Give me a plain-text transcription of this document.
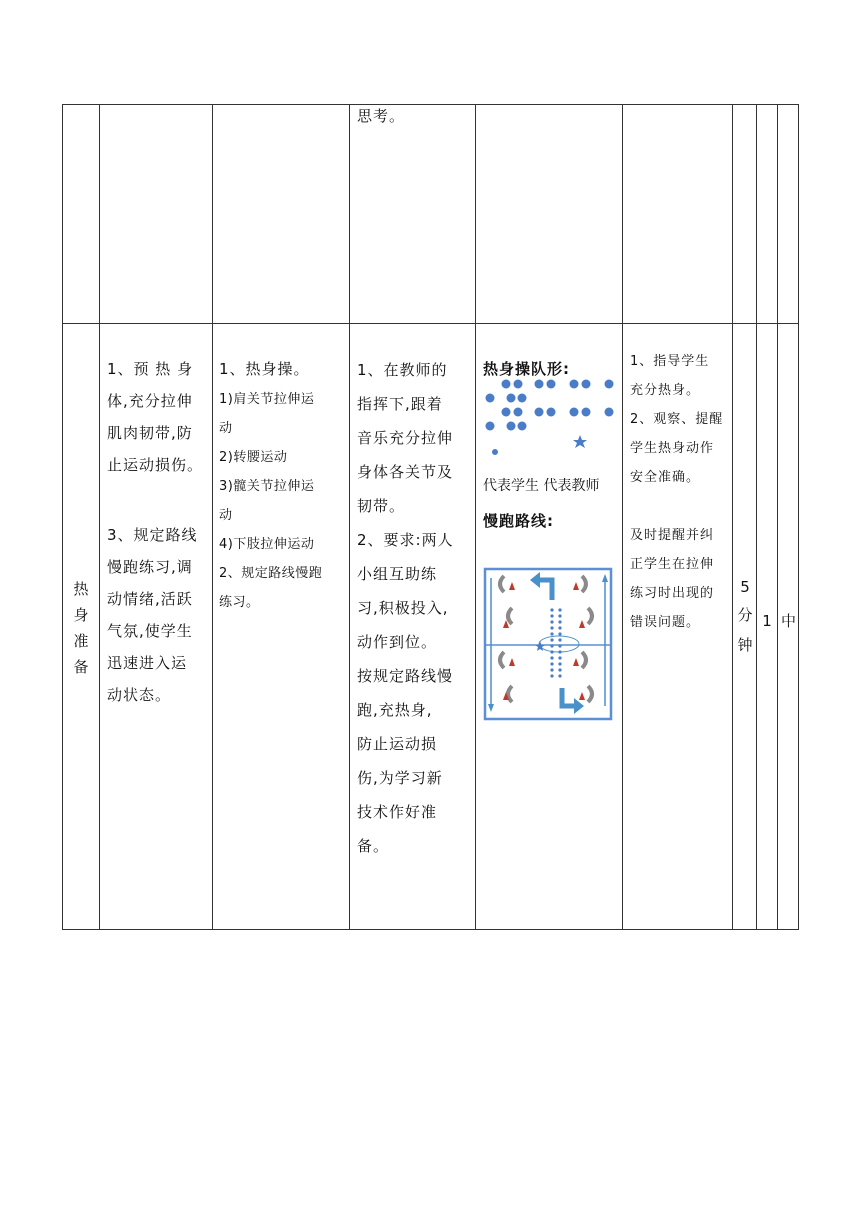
思考。

热
身
准
备

1、预 热 身

体,充分拉伸

肌肉韧带,防

止运动损伤。

3、规定路线

慢跑练习,调

动情绪,活跃

气氛,使学生

迅速进入运

动状态。

1、热身操。

1)肩关节拉伸运

动

2)转腰运动

3)髋关节拉伸运

动

4)下肢拉伸运动

2、规定路线慢跑

练习。

1、在教师的

指挥下,跟着

音乐充分拉伸

身体各关节及

韧带。

2、要求:两人

小组互助练

习,积极投入,

动作到位。

按规定路线慢

跑,充热身,

防止运动损

伤,为学习新

技术作好准

备。

热身操队形:
代表学生 代表教师
慢跑路线:

1、指导学生

充分热身。

2、观察、提醒

学生热身动作

安全准确。

及时提醒并纠

正学生在拉伸

练习时出现的

错误问题。

5
分
钟
1 中
